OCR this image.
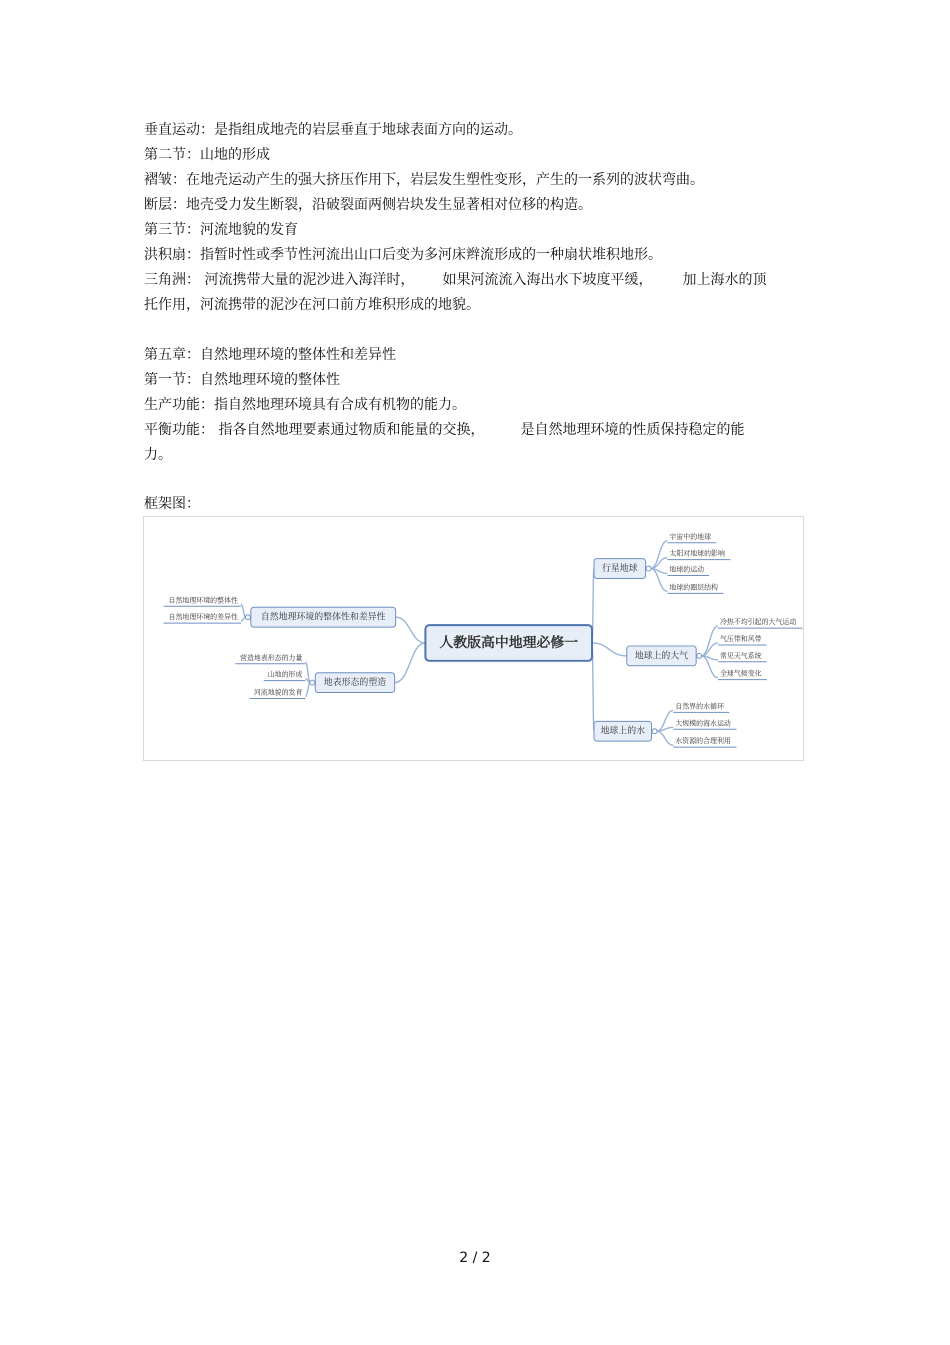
垂直运动：是指组成地壳的岩层垂直于地球表面方向的运动。

第二节：山地的形成

褶皱：在地壳运动产生的强大挤压作用下，岩层发生塑性变形，产生的一系列的波状弯曲。

断层：地壳受力发生断裂，沿破裂面两侧岩块发生显著相对位移的构造。

第三节：河流地貌的发育

洪积扇：指暂时性或季节性河流出山口后变为多河床辫流形成的一种扇状堆积地形。

三角洲： 河流携带大量的泥沙进入海洋时， 如果河流流入海出水下坡度平缓， 加上海水的顶

托作用，河流携带的泥沙在河口前方堆积形成的地貌。

第五章：自然地理环境的整体性和差异性

第一节：自然地理环境的整体性

生产功能：指自然地理环境具有合成有机物的能力。

平衡功能： 指各自然地理要素通过物质和能量的交换，	是自然地理环境的性质保持稳定的能

力。

框架图：

人教版高中地理必修一
行星地球
宇宙中的地球
太阳对地球的影响
地球的运动
地球的圈层结构
地球上的大气
冷热不均引起的大气运动
气压带和风带
常见天气系统
全球气候变化
地球上的水
自然界的水循环
大规模的海水运动
水资源的合理利用
自然地理环境的整体性和差异性
自然地理环境的整体性
自然地理环境的差异性
地表形态的塑造
营造地表形态的力量
山地的形成
河流地貌的发育
2 / 2
